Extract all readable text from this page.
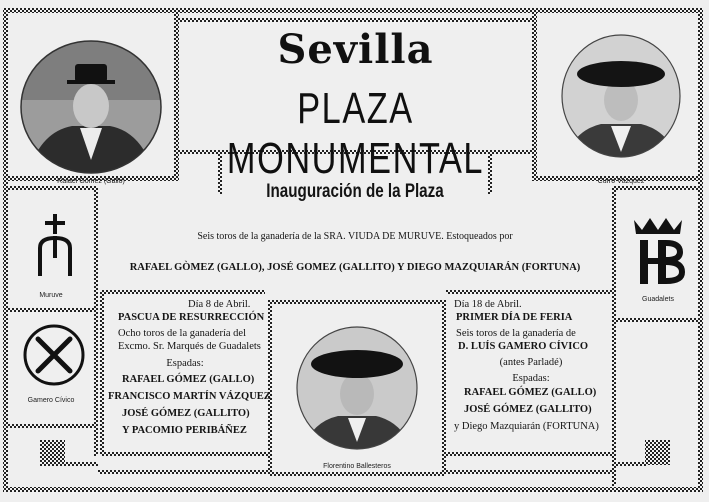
Rafael Gómez (Gallo)	Curro Vázquez
Florentino Ballesteros
Sevilla
PLAZA MONUMENTAL
Inauguración de la Plaza
Seis toros de la ganadería de la SRA. VIUDA DE MURUVE. Estoqueados por
RAFAEL GÒMEZ (GALLO), JOSÉ GOMEZ (GALLITO) Y DIEGO MAZQUIARÁN (FORTUNA)
Muruve
Gamero Cívico
Guadalets
Día 8 de Abril.
PASCUA DE RESURRECCIÓN
Ocho toros de la ganadería del
Excmo. Sr. Marqués de Guadalets
Espadas:
RAFAEL GÓMEZ (GALLO)
FRANCISCO MARTÍN VÁZQUEZ
JOSÉ GÓMEZ (GALLITO)
Y PACOMIO PERIBÁÑEZ
Día 18 de Abril.
PRIMER DÍA DE FERIA
Seis toros de la ganadería de
D. LUÍS GAMERO CÍVICO
(antes Parladé)
Espadas:
RAFAEL GÓMEZ (GALLO)
JOSÉ GÓMEZ (GALLITO)
y Diego Mazquiarán (FORTUNA)
